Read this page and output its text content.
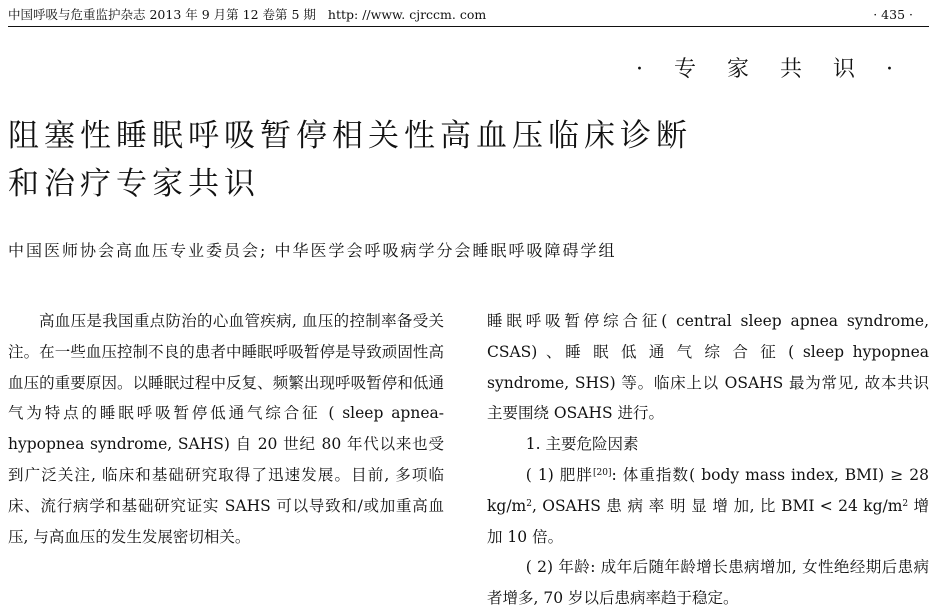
中国呼吸与危重监护杂志 2013 年 9 月第 12 卷第 5 期 http: //www. cjrccm. com	· 435 ·
· 专 家 共 识 ·
阻塞性睡眠呼吸暂停相关性高血压临床诊断
和治疗专家共识
中国医师协会高血压专业委员会; 中华医学会呼吸病学分会睡眠呼吸障碍学组

高血压是我国重点防治的心血管疾病, 血压的控制率备受关注。在一些血压控制不良的患者中睡眠呼吸暂停是导致顽固性高血压的重要原因。以睡眠过程中反复、频繁出现呼吸暂停和低通气为特点的睡眠呼吸暂停低通气综合征 ( sleep apnea-hypopnea syndrome, SAHS) 自 20 世纪 80 年代以来也受到广泛关注, 临床和基础研究取得了迅速发展。目前, 多项临床、流行病学和基础研究证实 SAHS 可以导致和/或加重高血压, 与高血压的发生发展密切相关。

睡眠呼吸暂停综合征( central sleep apnea syndrome, CSAS) 、睡 眠 低 通 气 综 合 征 ( sleep hypopnea syndrome, SHS) 等。临床上以 OSAHS 最为常见, 故本共识主要围绕 OSAHS 进行。

1. 主要危险因素

( 1) 肥胖[20]: 体重指数( body mass index, BMI) ≥ 28 $kg/m^2$, OSAHS 患 病 率 明 显 增 加, 比 BMI < 24 $kg/m^2$ 增加 10 倍。

( 2) 年龄: 成年后随年龄增长患病增加, 女性绝经期后患病者增多, 70 岁以后患病率趋于稳定。
